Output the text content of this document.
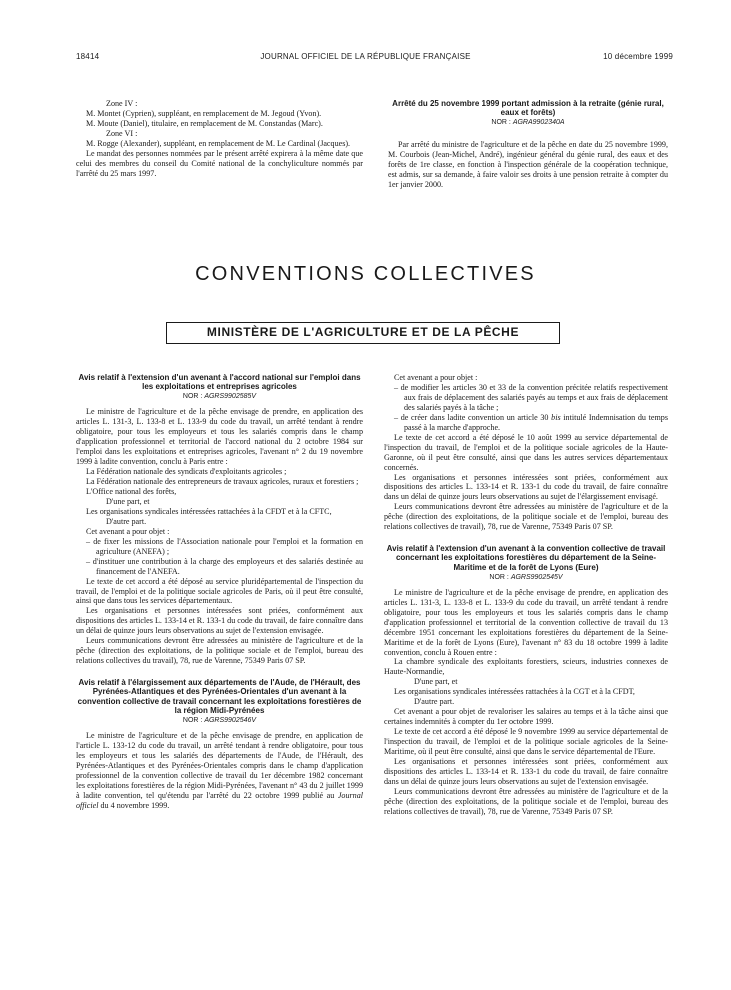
18414	JOURNAL OFFICIEL DE LA RÉPUBLIQUE FRANÇAISE	10 décembre 1999

Zone IV :

M. Montet (Cyprien), suppléant, en remplacement de M. Jegoud (Yvon).

M. Moute (Daniel), titulaire, en remplacement de M. Constandas (Marc).

Zone VI :

M. Rogge (Alexander), suppléant, en remplacement de M. Le Cardinal (Jacques).

Le mandat des personnes nommées par le présent arrêté expirera à la même date que celui des membres du conseil du Comité national de la conchyliculture nommés par l'arrêté du 25 mars 1997.

Arrêté du 25 novembre 1999 portant admission à la retraite (génie rural, eaux et forêts)

NOR : AGRA9902340A

Par arrêté du ministre de l'agriculture et de la pêche en date du 25 novembre 1999, M. Courbois (Jean-Michel, André), ingénieur général du génie rural, des eaux et des forêts de 1re classe, en fonction à l'inspection générale de la coopération technique, est admis, sur sa demande, à faire valoir ses droits à une pension retraite à compter du 1er janvier 2000.

CONVENTIONS COLLECTIVES
MINISTÈRE DE L'AGRICULTURE ET DE LA PÊCHE

Avis relatif à l'extension d'un avenant à l'accord national sur l'emploi dans les exploitations et entreprises agricoles

NOR : AGRS9902585V

Le ministre de l'agriculture et de la pêche envisage de prendre, en application des articles L. 131-3, L. 133-8 et L. 133-9 du code du travail, un arrêté tendant à rendre obligatoire, pour tous les employeurs et tous les salariés compris dans le champ d'application professionnel et territorial de l'accord national du 2 octobre 1984 sur l'emploi dans les exploitations et entreprises agricoles, l'avenant n° 2 du 19 novembre 1999 à ladite convention, conclu à Paris entre :

La Fédération nationale des syndicats d'exploitants agricoles ;

La Fédération nationale des entrepreneurs de travaux agricoles, ruraux et forestiers ;

L'Office national des forêts,

D'une part, et

Les organisations syndicales intéressées rattachées à la CFDT et à la CFTC,

D'autre part.

Cet avenant a pour objet :

– de fixer les missions de l'Association nationale pour l'emploi et la formation en agriculture (ANEFA) ;

– d'instituer une contribution à la charge des employeurs et des salariés destinée au financement de l'ANEFA.

Le texte de cet accord a été déposé au service pluridépartemental de l'inspection du travail, de l'emploi et de la politique sociale agricoles de Paris, où il peut être consulté, ainsi que dans tous les services départementaux.

Les organisations et personnes intéressées sont priées, conformément aux dispositions des articles L. 133-14 et R. 133-1 du code du travail, de faire connaître dans un délai de quinze jours leurs observations au sujet de l'extension envisagée.

Leurs communications devront être adressées au ministère de l'agriculture et de la pêche (direction des exploitations, de la politique sociale et de l'emploi, bureau des relations collectives du travail), 78, rue de Varenne, 75349 Paris 07 SP.

Avis relatif à l'élargissement aux départements de l'Aude, de l'Hérault, des Pyrénées-Atlantiques et des Pyrénées-Orientales d'un avenant à la convention collective de travail concernant les exploitations forestières de la région Midi-Pyrénées

NOR : AGRS9902546V

Le ministre de l'agriculture et de la pêche envisage de prendre, en application de l'article L. 133-12 du code du travail, un arrêté tendant à rendre obligatoire, pour tous les employeurs et tous les salariés des départements de l'Aude, de l'Hérault, des Pyrénées-Atlantiques et des Pyrénées-Orientales compris dans le champ d'application professionnel de la convention collective de travail du 1er décembre 1982 concernant les exploitations forestières de la région Midi-Pyrénées, l'avenant n° 43 du 2 juillet 1999 à ladite convention, tel qu'étendu par l'arrêté du 22 octobre 1999 publié au Journal officiel du 4 novembre 1999.

Cet avenant a pour objet :

– de modifier les articles 30 et 33 de la convention précitée relatifs respectivement aux frais de déplacement des salariés payés au temps et aux frais de déplacement des salariés payés à la tâche ;

– de créer dans ladite convention un article 30 bis intitulé Indemnisation du temps passé à la marche d'approche.

Le texte de cet accord a été déposé le 10 août 1999 au service départemental de l'inspection du travail, de l'emploi et de la politique sociale agricoles de la Haute-Garonne, où il peut être consulté, ainsi que dans les autres services départementaux concernés.

Les organisations et personnes intéressées sont priées, conformément aux dispositions des articles L. 133-14 et R. 133-1 du code du travail, de faire connaître dans un délai de quinze jours leurs observations au sujet de l'élargissement envisagé.

Leurs communications devront être adressées au ministère de l'agriculture et de la pêche (direction des exploitations, de la politique sociale et de l'emploi, bureau des relations collectives de travail), 78, rue de Varenne, 75349 Paris 07 SP.

Avis relatif à l'extension d'un avenant à la convention collective de travail concernant les exploitations forestières du département de la Seine-Maritime et de la forêt de Lyons (Eure)

NOR : AGRS9902545V

Le ministre de l'agriculture et de la pêche envisage de prendre, en application des articles L. 131-3, L. 133-8 et L. 133-9 du code du travail, un arrêté tendant à rendre obligatoire, pour tous les employeurs et tous les salariés compris dans le champ d'application professionnel et territorial de la convention collective de travail du 13 décembre 1951 concernant les exploitations forestières du département de la Seine-Maritime et de la forêt de Lyons (Eure), l'avenant n° 83 du 18 octobre 1999 à ladite convention, conclu à Rouen entre :

La chambre syndicale des exploitants forestiers, scieurs, industries connexes de Haute-Normandie,

D'une part, et

Les organisations syndicales intéressées rattachées à la CGT et à la CFDT,

D'autre part.

Cet avenant a pour objet de revaloriser les salaires au temps et à la tâche ainsi que certaines indemnités à compter du 1er octobre 1999.

Le texte de cet accord a été déposé le 9 novembre 1999 au service départemental de l'inspection du travail, de l'emploi et de la politique sociale agricoles de la Seine-Maritime, où il peut être consulté, ainsi que dans le service départemental de l'Eure.

Les organisations et personnes intéressées sont priées, conformément aux dispositions des articles L. 133-14 et R. 133-1 du code du travail, de faire connaître dans un délai de quinze jours leurs observations au sujet de l'extension envisagée.

Leurs communications devront être adressées au ministère de l'agriculture et de la pêche (direction des exploitations, de la politique sociale et de l'emploi, bureau des relations collectives de travail), 78, rue de Varenne, 75349 Paris 07 SP.
